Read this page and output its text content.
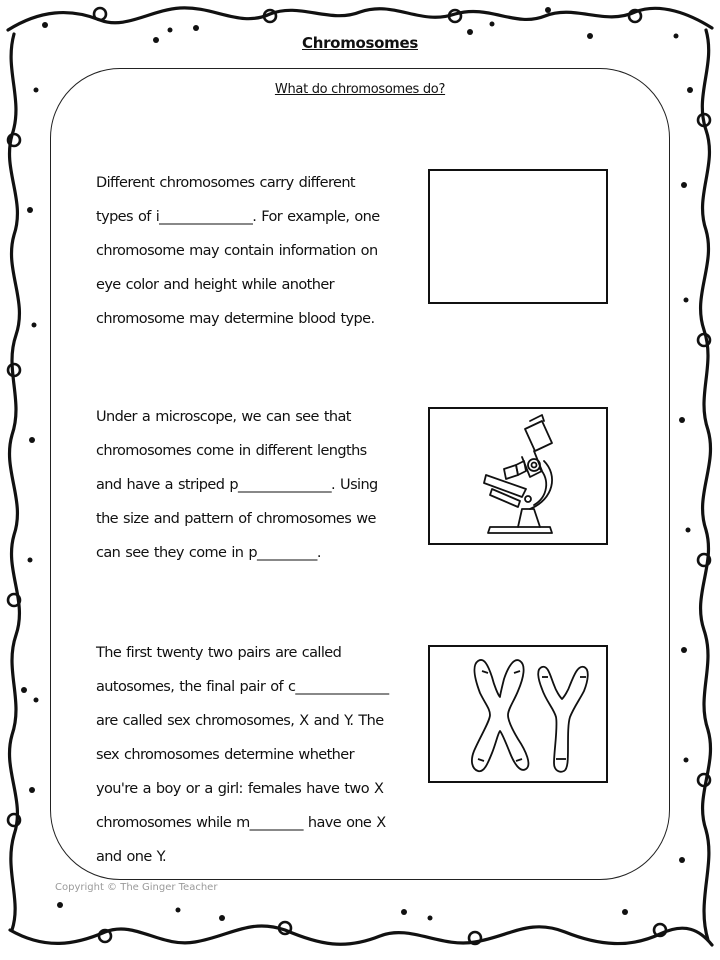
Chromosomes
What do chromosomes do?

Different chromosomes carry different types of i______________. For example, one chromosome may contain information on eye color and height while another chromosome may determine blood type.

Under a microscope, we can see that chromosomes come in different lengths and have a striped p______________. Using the size and pattern of chromosomes we can see they come in p_________.

The first twenty two pairs are called autosomes, the final pair of c______________ are called sex chromosomes, X and Y. The sex chromosomes determine whether you're a boy or a girl: females have two X chromosomes while m________ have one X and one Y.

Copyright © The Ginger Teacher
